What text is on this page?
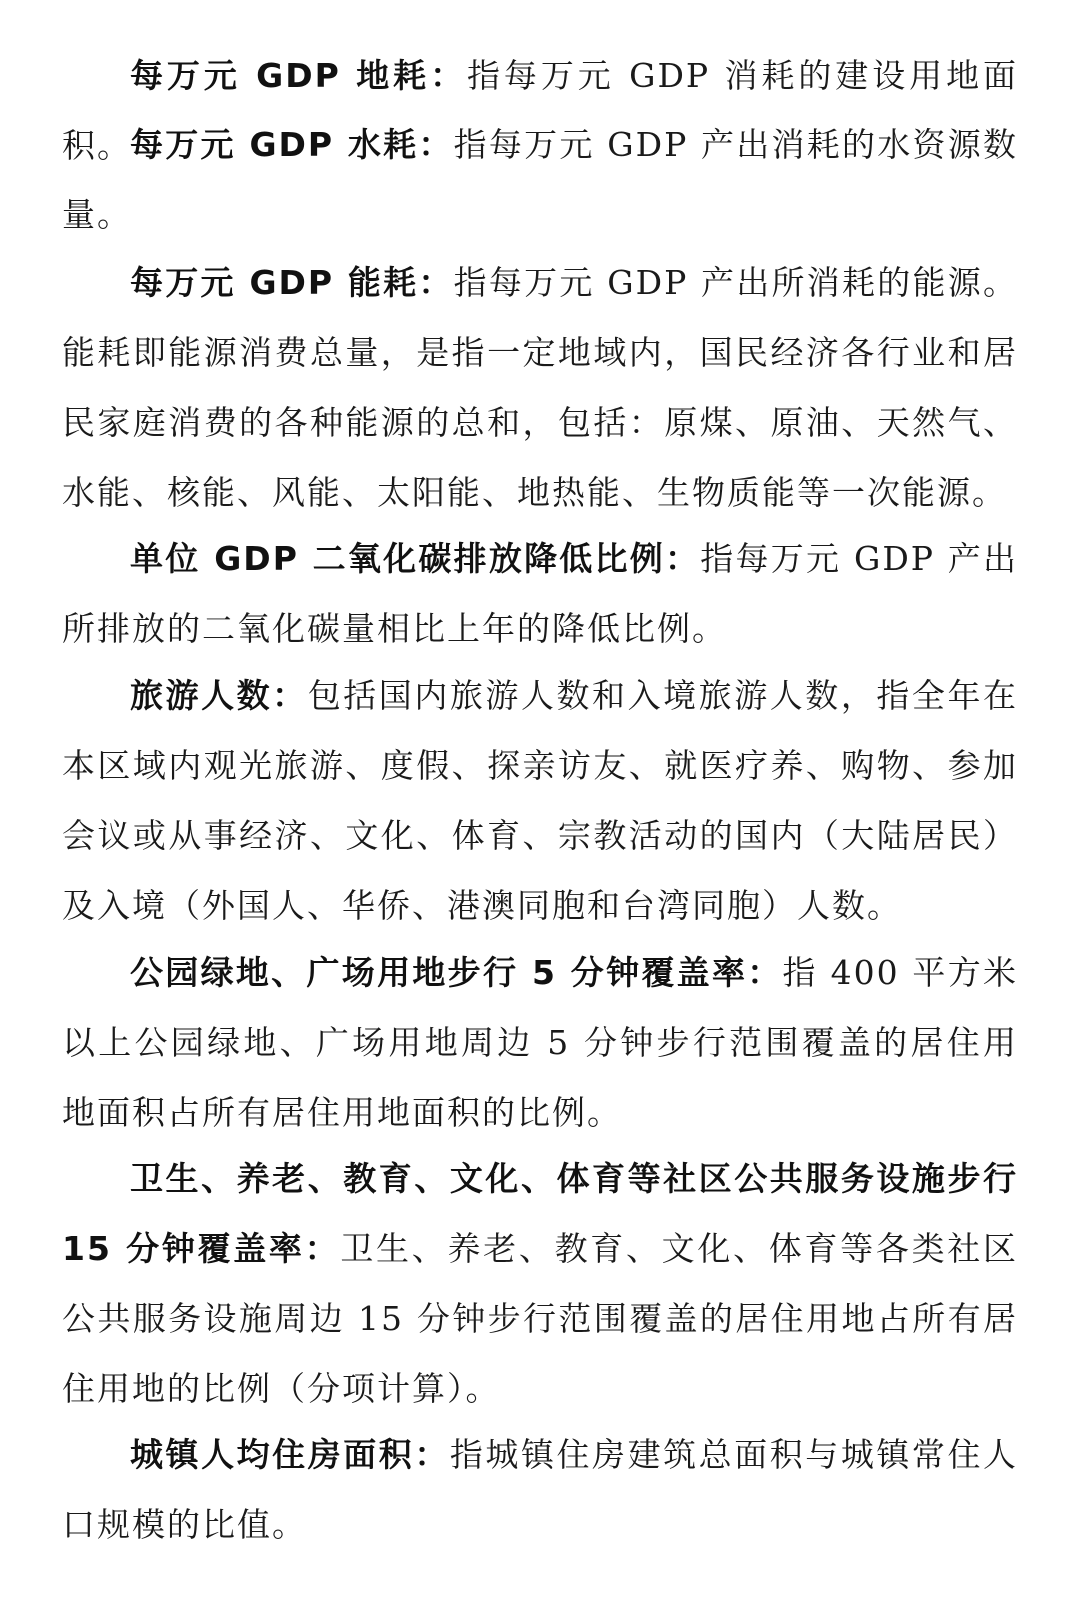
每万元 GDP 地耗：指每万元 GDP 消耗的建设用地面积。

每万元 GDP 水耗：指每万元 GDP 产出消耗的水资源数量。

每万元 GDP 能耗：指每万元 GDP 产出所消耗的能源。能耗即能源消费总量，是指一定地域内，国民经济各行业和居民家庭消费的各种能源的总和，包括：原煤、原油、天然气、水能、核能、风能、太阳能、地热能、生物质能等一次能源。

单位 GDP 二氧化碳排放降低比例：指每万元 GDP 产出所排放的二氧化碳量相比上年的降低比例。

旅游人数：包括国内旅游人数和入境旅游人数，指全年在本区域内观光旅游、度假、探亲访友、就医疗养、购物、参加会议或从事经济、文化、体育、宗教活动的国内（大陆居民）及入境（外国人、华侨、港澳同胞和台湾同胞）人数。

公园绿地、广场用地步行 5 分钟覆盖率：指 400 平方米以上公园绿地、广场用地周边 5 分钟步行范围覆盖的居住用地面积占所有居住用地面积的比例。

卫生、养老、教育、文化、体育等社区公共服务设施步行 15 分钟覆盖率：卫生、养老、教育、文化、体育等各类社区公共服务设施周边 15 分钟步行范围覆盖的居住用地占所有居住用地的比例（分项计算）。

城镇人均住房面积：指城镇住房建筑总面积与城镇常住人口规模的比值。
